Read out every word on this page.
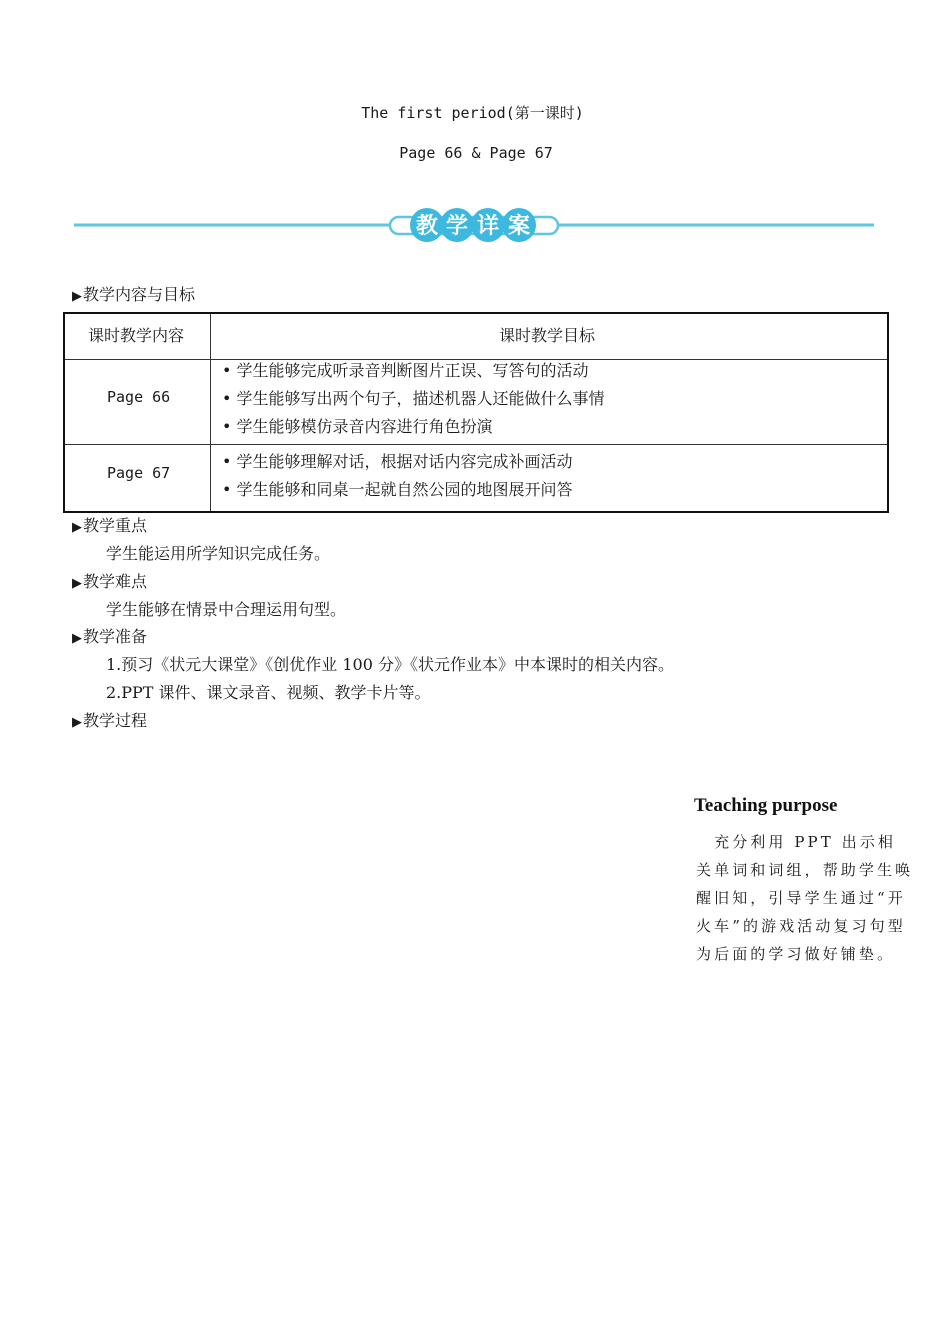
The first period(第一课时)
Page 66 & Page 67
教 学 详 案
▶教学内容与目标
课时教学内容	课时教学目标
Page 66
• 学生能够完成听录音判断图片正误、写答句的活动
• 学生能够写出两个句子，描述机器人还能做什么事情
• 学生能够模仿录音内容进行角色扮演
Page 67
• 学生能够理解对话，根据对话内容完成补画活动
• 学生能够和同桌一起就自然公园的地图展开问答
▶教学重点
学生能运用所学知识完成任务。
▶教学难点
学生能够在情景中合理运用句型。
▶教学准备
1.预习《状元大课堂》《创优作业 100 分》《状元作业本》中本课时的相关内容。
2.PPT 课件、课文录音、视频、教学卡片等。
▶教学过程
Teaching purpose
　充分利用 PPT 出示相
关单词和词组，帮助学生唤
醒旧知，引导学生通过“开
火车”的游戏活动复习句型
为后面的学习做好铺垫。
